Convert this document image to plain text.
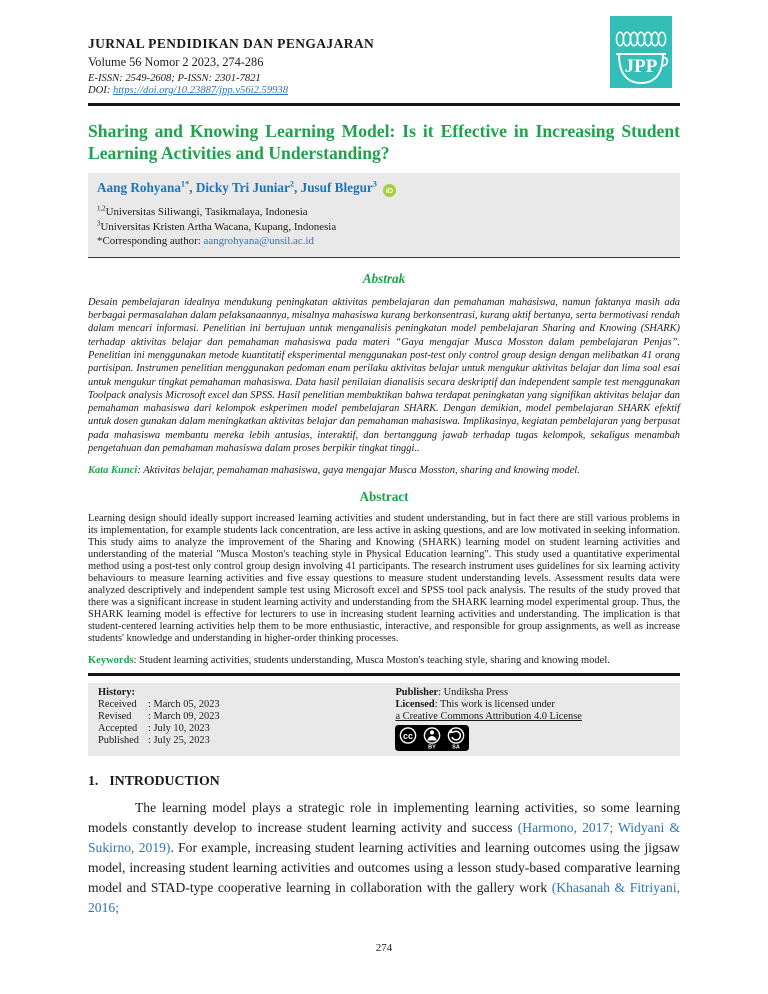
JURNAL PENDIDIKAN DAN PENGAJARAN
Volume 56 Nomor 2 2023, 274-286
E-ISSN: 2549-2608; P-ISSN: 2301-7821
DOI: https://doi.org/10.23887/jpp.v56i2.59938
JPP
Sharing and Knowing Learning Model: Is it Effective in Increasing Student Learning Activities and Understanding?
Aang Rohyana$^{1*}$, Dicky Tri Juniar$^2$, Jusuf Blegur$^3$iD
$^{1,2}$Universitas Siliwangi, Tasikmalaya, Indonesia
$^3$Universitas Kristen Artha Wacana, Kupang, Indonesia
*Corresponding author: aangrohyana@unsil.ac.id
Abstrak
Desain pembelajaran idealnya mendukung peningkatan aktivitas pembelajaran dan pemahaman mahasiswa, namun faktanya masih ada berbagai permasalahan dalam pelaksanaannya, misalnya mahasiswa kurang berkonsentrasi, kurang aktif bertanya, serta bermotivasi rendah dalam mencari informasi. Penelitian ini bertujuan untuk menganalisis peningkatan model pembelajaran Sharing and Knowing (SHARK) terhadap aktivitas belajar dan pemahaman mahasiswa pada materi “Gaya mengajar Musca Mosston dalam pembelajaran Penjas”. Penelitian ini menggunakan metode kuantitatif eksperimental menggunakan post-test only control group design dengan melibatkan 41 orang partisipan. Instrumen penelitian menggunakan pedoman enam perilaku aktivitas belajar untuk mengukur aktivitas belajar dan lima soal esai untuk mengukur tingkat pemahaman mahasiswa. Data hasil penilaian dianalisis secara deskriptif dan independent sample test menggunakan Toolpack analysis Microsoft excel dan SPSS. Hasil penelitian membuktikan bahwa terdapat peningkatan yang signifikan aktivitas belajar dan pemahaman mahasiswa dari kelompok eskperimen model pembelajaran SHARK. Dengan demikian, model pembelajaran SHARK efektif untuk dosen gunakan dalam meningkatkan aktivitas belajar dan pemahaman mahasiswa. Implikasinya, kegiatan pembelajaran yang berpusat pada mahasiswa membantu mereka lebih antusias, interaktif, dan bertanggung jawab terhadap tugas kelompok, sekaligus menambah pengetahuan dan pemahaman mahasiswa dalam proses berpikir tingkat tinggi..
Kata Kunci: Aktivitas belajar, pemahaman mahasiswa, gaya mengajar Musca Mosston, sharing and knowing model.
Abstract
Learning design should ideally support increased learning activities and student understanding, but in fact there are still various problems in its implementation, for example students lack concentration, are less active in asking questions, and are low motivated in seeking information. This study aims to analyze the improvement of the Sharing and Knowing (SHARK) learning model on student learning activities and understanding of the material "Musca Moston's teaching style in Physical Education learning". This study used a quantitative experimental method using a post-test only control group design involving 41 participants. The research instrument uses guidelines for six learning activity behaviours to measure learning activities and five essay questions to measure student understanding levels. Assessment results data were analyzed descriptively and independent sample test using Microsoft excel and SPSS tool pack analysis. The results of the study proved that there was a significant increase in student learning activity and understanding from the SHARK learning model experimental group. Thus, the SHARK learning model is effective for lecturers to use in increasing student learning activities and understanding. The implication is that student-centered learning activities help them to be more enthusiastic, interactive, and responsible for group assignments, as well as increase students' knowledge and understanding in higher-order thinking processes.
Keywords: Student learning activities, students understanding, Musca Moston's teaching style, sharing and knowing model.
History:
Received : March 05, 2023
Revised : March 09, 2023
Accepted : July 10, 2023
Published : July 25, 2023
Publisher: Undiksha Press
Licensed: This work is licensed under
a Creative Commons Attribution 4.0 License
cc
BY	SA
1. INTRODUCTION

The learning model plays a strategic role in implementing learning activities, so some learning models constantly develop to increase student learning activity and success (Harmono, 2017; Widyani & Sukirno, 2019). For example, increasing student learning activities and learning outcomes using the jigsaw model, increasing student learning activities and outcomes using a lesson study-based comparative learning model and STAD-type cooperative learning in collaboration with the gallery work (Khasanah & Fitriyani, 2016;

274
